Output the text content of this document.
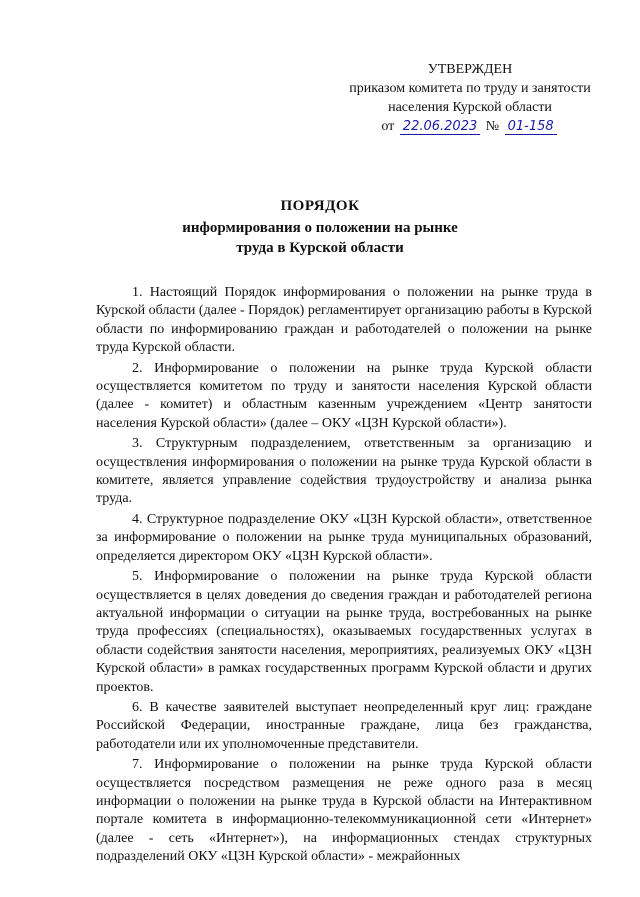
УТВЕРЖДЕН
приказом комитета по труду и занятости
населения Курской области
от 22.06.2023 № 01-158
ПОРЯДОК
информирования о положении на рынке
труда в Курской области

1. Настоящий Порядок информирования о положении на рынке труда в Курской области (далее - Порядок) регламентирует организацию работы в Курской области по информированию граждан и работодателей о положении на рынке труда Курской области.

2. Информирование о положении на рынке труда Курской области осуществляется комитетом по труду и занятости населения Курской области (далее - комитет) и областным казенным учреждением «Центр занятости населения Курской области» (далее – ОКУ «ЦЗН Курской области»).

3. Структурным подразделением, ответственным за организацию и осуществления информирования о положении на рынке труда Курской области в комитете, является управление содействия трудоустройству и анализа рынка труда.

4. Структурное подразделение ОКУ «ЦЗН Курской области», ответственное за информирование о положении на рынке труда муниципальных образований, определяется директором ОКУ «ЦЗН Курской области».

5. Информирование о положении на рынке труда Курской области осуществляется в целях доведения до сведения граждан и работодателей региона актуальной информации о ситуации на рынке труда, востребованных на рынке труда профессиях (специальностях), оказываемых государственных услугах в области содействия занятости населения, мероприятиях, реализуемых ОКУ «ЦЗН Курской области» в рамках государственных программ Курской области и других проектов.

6. В качестве заявителей выступает неопределенный круг лиц: граждане Российской Федерации, иностранные граждане, лица без гражданства, работодатели или их уполномоченные представители.

7. Информирование о положении на рынке труда Курской области осуществляется посредством размещения не реже одного раза в месяц информации о положении на рынке труда в Курской области на Интерактивном портале комитета в информационно-телекоммуникационной сети «Интернет» (далее - сеть «Интернет»), на информационных стендах структурных подразделений ОКУ «ЦЗН Курской области» - межрайонных
